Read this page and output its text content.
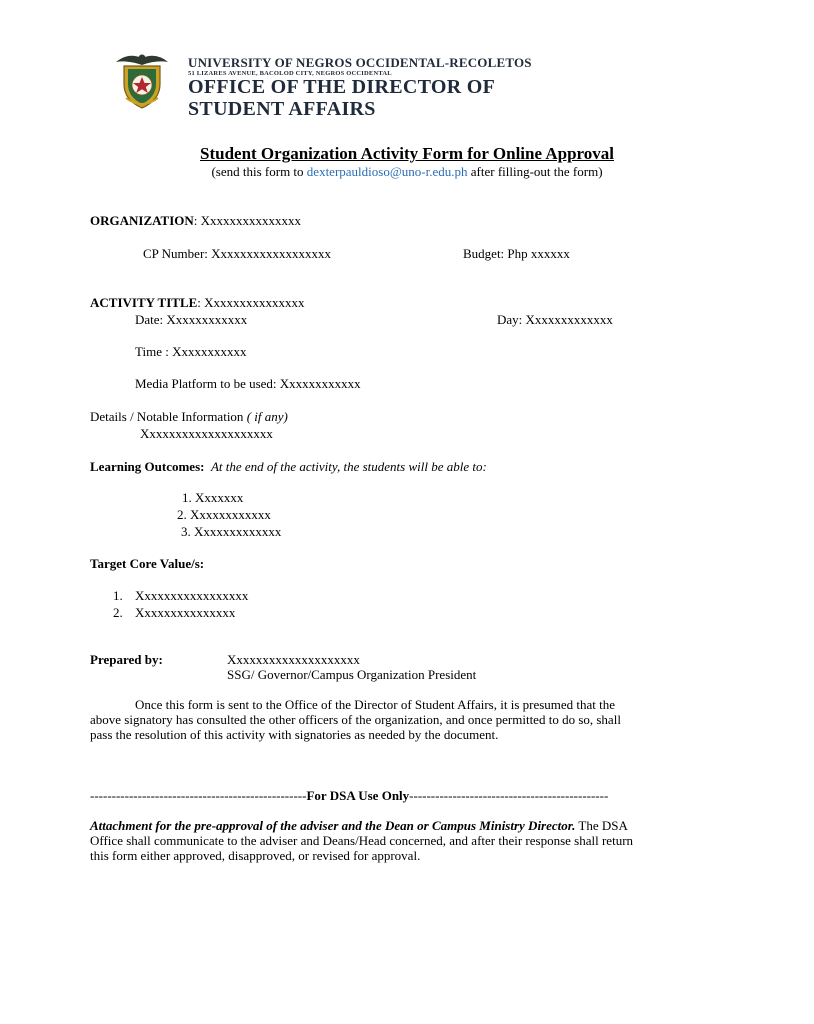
UNIVERSITY OF NEGROS OCCIDENTAL-RECOLETOS
51 LIZARES AVENUE, BACOLOD CITY, NEGROS OCCIDENTAL
OFFICE OF THE DIRECTOR OF
STUDENT AFFAIRS
Student Organization Activity Form for Online Approval
(send this form to dexterpauldioso@uno-r.edu.ph after filling-out the form)
ORGANIZATION: Xxxxxxxxxxxxxxx
CP Number: Xxxxxxxxxxxxxxxxxx	Budget: Php xxxxxx
ACTIVITY TITLE: Xxxxxxxxxxxxxxx
Date: Xxxxxxxxxxxx	Day: Xxxxxxxxxxxxx
Time : Xxxxxxxxxxx
Media Platform to be used: Xxxxxxxxxxxx
Details / Notable Information ( if any)
Xxxxxxxxxxxxxxxxxxxx
Learning Outcomes: At the end of the activity, the students will be able to:
1. Xxxxxxx
2. Xxxxxxxxxxxx
3. Xxxxxxxxxxxxx
Target Core Value/s:
1. Xxxxxxxxxxxxxxxxx
2. Xxxxxxxxxxxxxxx
Prepared by:	Xxxxxxxxxxxxxxxxxxxx
SSG/ Governor/Campus Organization President
Once this form is sent to the Office of the Director of Student Affairs, it is presumed that the
above signatory has consulted the other officers of the organization, and once permitted to do so, shall
pass the resolution of this activity with signatories as needed by the document.
--------------------------------------------------For DSA Use Only----------------------------------------------
Attachment for the pre-approval of the adviser and the Dean or Campus Ministry Director. The DSA
Office shall communicate to the adviser and Deans/Head concerned, and after their response shall return
this form either approved, disapproved, or revised for approval.
